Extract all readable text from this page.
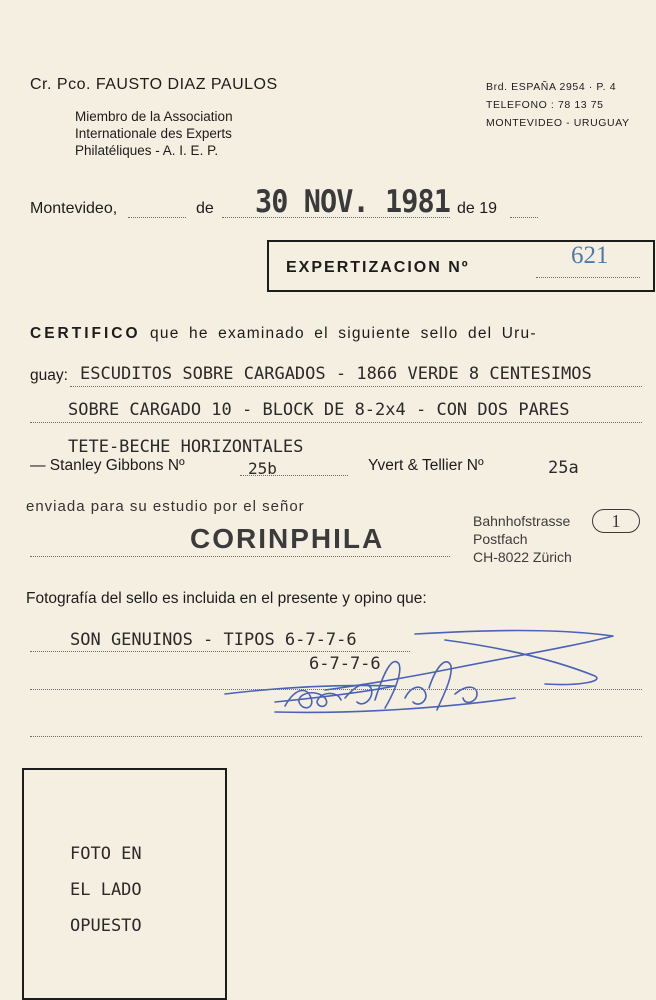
Cr. Pco. FAUSTO DIAZ PAULOS
Miembro de la Association
Internationale des Experts
Philatéliques - A. I. E. P.
Brd. ESPAÑA 2954 · P. 4
TELEFONO : 78 13 75
MONTEVIDEO - URUGUAY
Montevideo,	de 30 NOV. 1981 de 19
EXPERTIZACION Nº	621
CERTIFICO que he examinado el siguiente sello del Uru-
guay: ESCUDITOS SOBRE CARGADOS - 1866 VERDE 8 CENTESIMOS
SOBRE CARGADO 10 - BLOCK DE 8-2x4 - CON DOS PARES
TETE-BECHE HORIZONTALES
— Stanley Gibbons Nº	25b	Yvert & Tellier Nº	25a
enviada para su estudio por el señor
CORINPHILA
Bahnhofstrasse
Postfach
CH-8022 Zürich
1
Fotografía del sello es incluida en el presente y opino que:
SON GENUINOS - TIPOS 6-7-7-6
6-7-7-6
FOTO EN
EL LADO
OPUESTO
